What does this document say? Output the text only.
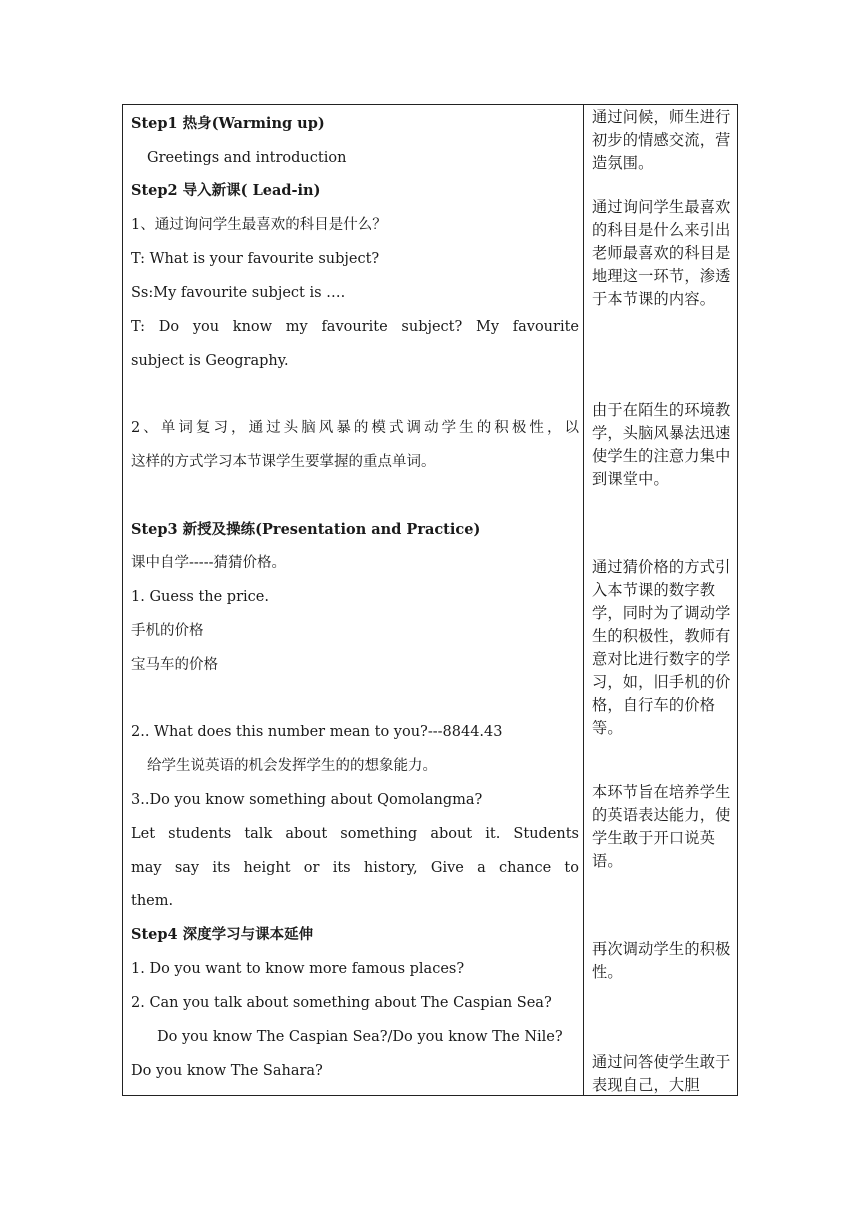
Step1 热身(Warming up)
Greetings and introduction
Step2 导入新课( Lead-in)
1、通过询问学生最喜欢的科目是什么？
T: What is your favourite subject?
Ss:My favourite subject is ….
T: Do you know my favourite subject? My favourite
subject is Geography.
2、单词复习，通过头脑风暴的模式调动学生的积极性，以
这样的方式学习本节课学生要掌握的重点单词。
Step3 新授及操练(Presentation and Practice)
课中自学-----猜猜价格。
1. Guess the price.
手机的价格
宝马车的价格
2.. What does this number mean to you?---8844.43
给学生说英语的机会发挥学生的的想象能力。
3..Do you know something about Qomolangma?
Let students talk about something about it. Students
may say its height or its history, Give a chance to
them.
Step4 深度学习与课本延伸
1. Do you want to know more famous places?
2. Can you talk about something about The Caspian Sea?
Do you know The Caspian Sea?/Do you know The Nile?
Do you know The Sahara?
通过问候，师生进行初步的情感交流，营造氛围。
通过询问学生最喜欢的科目是什么来引出老师最喜欢的科目是地理这一环节，渗透于本节课的内容。
由于在陌生的环境教学，头脑风暴法迅速使学生的注意力集中到课堂中。
通过猜价格的方式引入本节课的数字教学，同时为了调动学生的积极性，教师有意对比进行数字的学习，如，旧手机的价格，自行车的价格等。
本环节旨在培养学生的英语表达能力，使学生敢于开口说英语。
再次调动学生的积极性。
通过问答使学生敢于表现自己，大胆
